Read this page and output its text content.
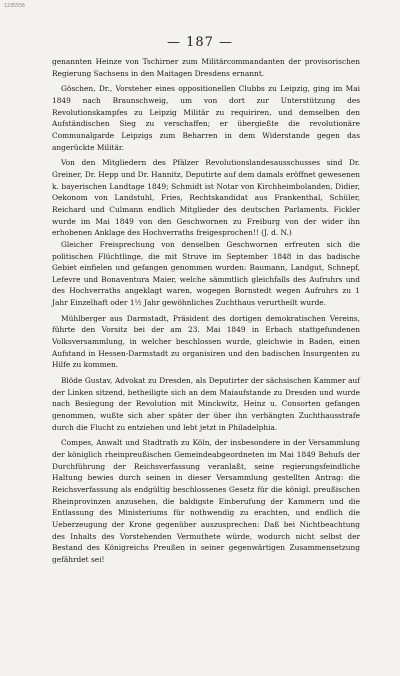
1235556
— 187 —

genannten Heinze von Tschirner zum Militärcommandanten der provisorischen Regierung Sachsens in den Maitagen Dresdens ernannt.

Göschen, Dr., Vorsteher eines oppositionellen Clubbs zu Leipzig, ging im Mai 1849 nach Braunschweig, um von dort zur Unterstützung des Revolutionskampfes zu Leipzig Militär zu requiriren, und demselben den Aufständischen Sieg zu verschaffen; er übergießte die revolutionäre Communalgarde Leipzigs zum Beharren in dem Widerstande gegen das angerückte Militär.

Von den Mitgliedern des Pfälzer Revolutionslandesausschusses sind Dr. Greiner, Dr. Hepp und Dr. Hannitz, Deputirte auf dem damals eröffnet gewesenen k. bayerischen Landtage 1849; Schmidt ist Notar von Kirchheimbolanden, Didier, Oekonom von Landstuhl, Fries, Rechtskandidat aus Frankenthal, Schüler, Reichard und Culmann endlich Mitglieder des deutschen Parlaments. Fickler wurde im Mai 1849 von den Geschwornen zu Freiburg von der wider ihn erhobenen Anklage des Hochverraths freigesprochen!! (J. d. N.)

Gleicher Freisprechung von denselben Geschwornen erfreuten sich die politischen Flüchtlinge, die mit Struve im September 1848 in das badische Gebiet einfielen und gefangen genommen wurden: Baumann, Landgut, Schnepf, Lefevre und Bonaventura Maier, welche sämmtlich gleichfalls des Aufruhrs und des Hochverraths angeklagt waren, wogegen Bornstedt wegen Aufruhrs zu 1 Jahr Einzelhaft oder 1½ Jahr gewöhnliches Zuchthaus verurtheilt wurde.

Mühlberger aus Darmstadt, Präsident des dortigen demokratischen Vereins, führte den Vorsitz bei der am 23. Mai 1849 in Erbach stattgefundenen Volksversammlung, in welcher beschlossen wurde, gleichwie in Baden, einen Aufstand in Hessen-Darmstadt zu organisiren und den badischen Insurgenten zu Hilfe zu kommen.

Blöde Gustav, Advokat zu Dresden, als Deputirter der sächsischen Kammer auf der Linken sitzend, betheiligte sich an dem Maiaufstande zu Dresden und wurde nach Besiegung der Revolution mit Minckwitz, Heinz u. Consorten gefangen genommen, wußte sich aber später der über ihn verhängten Zuchthausstrafe durch die Flucht zu entziehen und lebt jetzt in Philadelphia.

Compes, Anwalt und Stadtrath zu Köln, der insbesondere in der Versammlung der königlich rheinpreußischen Gemeindeabgeordneten im Mai 1849 Behufs der Durchführung der Reichsverfassung veranlaßt, seine regierungsfeindliche Haltung bewies durch seinen in dieser Versammlung gestellten Antrag: die Reichsverfassung als endgültig beschlossenes Gesetz für die königl. preußischen Rheinprovinzen anzusehen, die baldigste Einberufung der Kammern und die Entlassung des Ministeriums für nothwendig zu erachten, und endlich die Ueberzeugung der Krone gegenüber auszusprechen: Daß bei Nichtbeachtung des Inhalts des Vorstehenden Vermuthete würde, wodurch nicht selbst der Bestand des Königreichs Preußen in seiner gegenwärtigen Zusammensetzung gefährdet sei!
